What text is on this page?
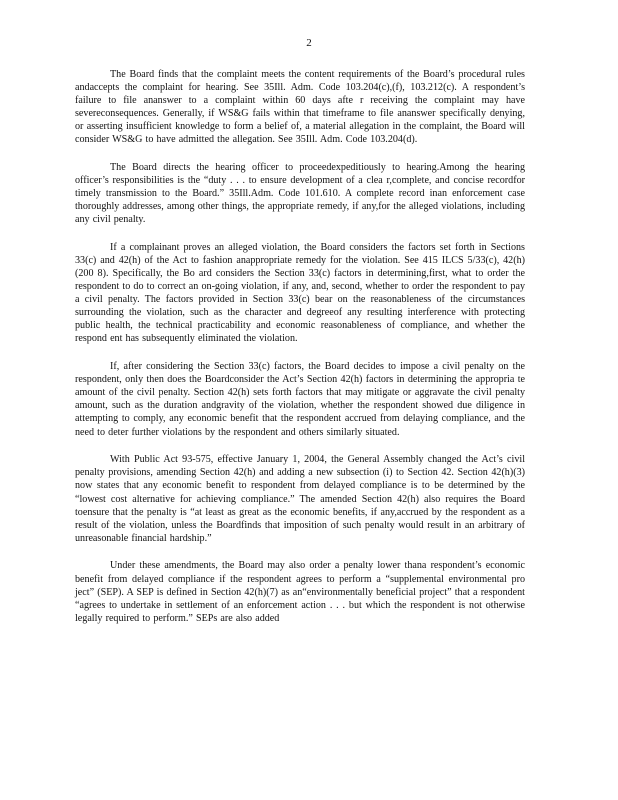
2

The Board finds that the complaint meets the content requirements of the Board’s procedural rules andaccepts the complaint for hearing. See 35Ill. Adm. Code 103.204(c),(f), 103.212(c). A respondent’s failure to file ananswer to a complaint within 60 days afte r receiving the complaint may have severeconsequences. Generally, if WS&G fails within that timeframe to file ananswer specifically denying, or asserting insufficient knowledge to form a belief of, a material allegation in the complaint, the Board will consider WS&G to have admitted the allegation. See 35Ill. Adm. Code 103.204(d).

The Board directs the hearing officer to proceedexpeditiously to hearing.Among the hearing officer’s responsibilities is the “duty . . . to ensure development of a clea r,complete, and concise recordfor timely transmission to the Board.” 35Ill.Adm. Code 101.610. A complete record inan enforcement case thoroughly addresses, among other things, the appropriate remedy, if any,for the alleged violations, including any civil penalty.

If a complainant proves an alleged violation, the Board considers the factors set forth in Sections 33(c) and 42(h) of the Act to fashion anappropriate remedy for the violation. See 415 ILCS 5/33(c), 42(h) (200 8). Specifically, the Bo ard considers the Section 33(c) factors in determining,first, what to order the respondent to do to correct an on-going violation, if any, and, second, whether to order the respondent to pay a civil penalty. The factors provided in Section 33(c) bear on the reasonableness of the circumstances surrounding the violation, such as the character and degreeof any resulting interference with protecting public health, the technical practicability and economic reasonableness of compliance, and whether the respond ent has subsequently eliminated the violation.

If, after considering the Section 33(c) factors, the Board decides to impose a civil penalty on the respondent, only then does the Boardconsider the Act’s Section 42(h) factors in determining the appropria te amount of the civil penalty. Section 42(h) sets forth factors that may mitigate or aggravate the civil penalty amount, such as the duration andgravity of the violation, whether the respondent showed due diligence in attempting to comply, any economic benefit that the respondent accrued from delaying compliance, and the need to deter further violations by the respondent and others similarly situated.

With Public Act 93-575, effective January 1, 2004, the General Assembly changed the Act’s civil penalty provisions, amending Section 42(h) and adding a new subsection (i) to Section 42. Section 42(h)(3) now states that any economic benefit to respondent from delayed compliance is to be determined by the “lowest cost alternative for achieving compliance.” The amended Section 42(h) also requires the Board toensure that the penalty is “at least as great as the economic benefits, if any,accrued by the respondent as a result of the violation, unless the Boardfinds that imposition of such penalty would result in an arbitrary of unreasonable financial hardship.”

Under these amendments, the Board may also order a penalty lower thana respondent’s economic benefit from delayed compliance if the respondent agrees to perform a “supplemental environmental pro ject” (SEP). A SEP is defined in Section 42(h)(7) as an“environmentally beneficial project” that a respondent “agrees to undertake in settlement of an enforcement action . . . but which the respondent is not otherwise legally required to perform.” SEPs are also added
